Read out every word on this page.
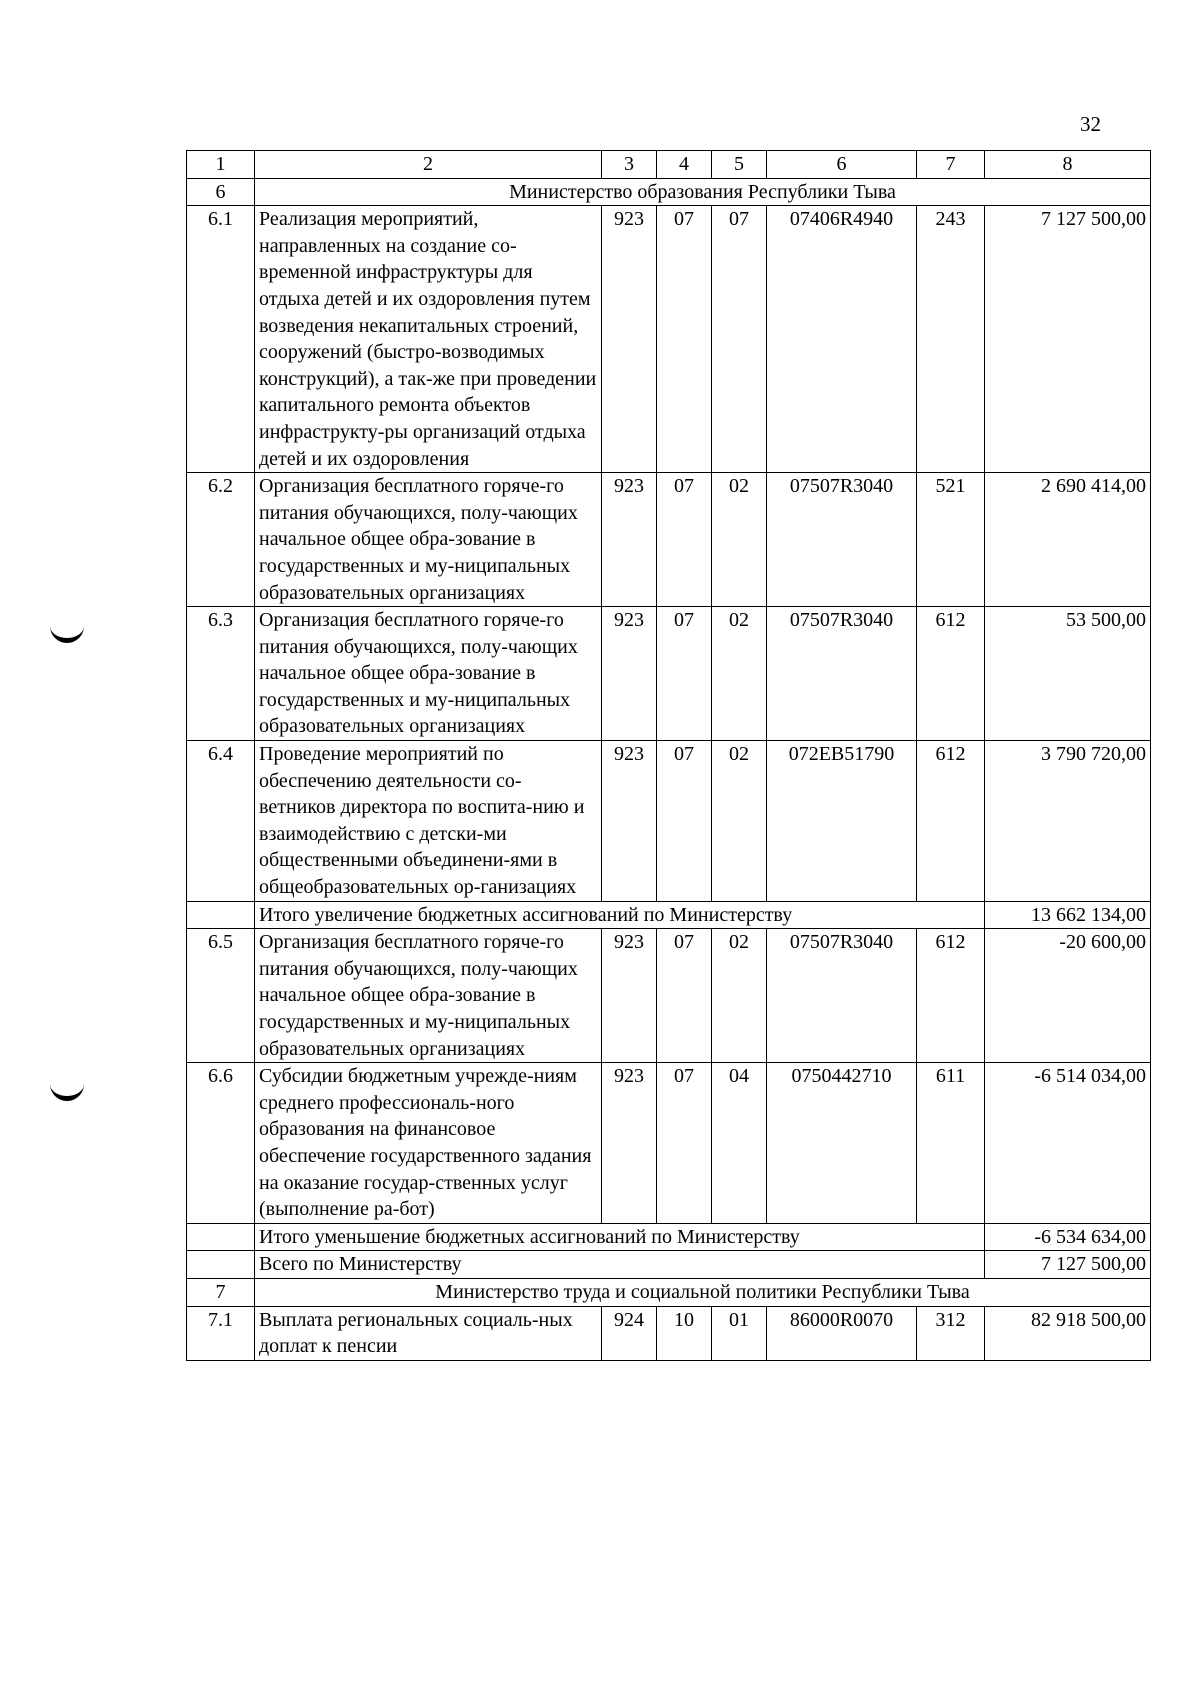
32
1	2	3	4	5	6	7	8
6	Министерство образования Республики Тыва						
6.1	Реализация мероприятий, направленных на создание со-временной инфраструктуры для отдыха детей и их оздоровления путем возведения некапитальных строений, сооружений (быстро-возводимых конструкций), а так-же при проведении капитального ремонта объектов инфраструкту-ры организаций отдыха детей и их оздоровления	923	07	07	07406R4940	243	7 127 500,00
6.2	Организация бесплатного горяче-го питания обучающихся, полу-чающих начальное общее обра-зование в государственных и му-ниципальных образовательных организациях	923	07	02	07507R3040	521	2 690 414,00
6.3	Организация бесплатного горяче-го питания обучающихся, полу-чающих начальное общее обра-зование в государственных и му-ниципальных образовательных организациях	923	07	02	07507R3040	612	53 500,00
6.4	Проведение мероприятий по обеспечению деятельности со-ветников директора по воспита-нию и взаимодействию с детски-ми общественными объединени-ями в общеобразовательных ор-ганизациях	923	07	02	072EB51790	612	3 790 720,00
	Итого увеличение бюджетных ассигнований по Министерству						13 662 134,00
6.5	Организация бесплатного горяче-го питания обучающихся, полу-чающих начальное общее обра-зование в государственных и му-ниципальных образовательных организациях	923	07	02	07507R3040	612	-20 600,00
6.6	Субсидии бюджетным учрежде-ниям среднего профессиональ-ного образования на финансовое обеспечение государственного задания на оказание государ-ственных услуг (выполнение ра-бот)	923	07	04	0750442710	611	-6 514 034,00
	Итого уменьшение бюджетных ассигнований по Министерству						-6 534 634,00
	Всего по Министерству						7 127 500,00
7	Министерство труда и социальной политики Республики Тыва						
7.1	Выплата региональных социаль-ных доплат к пенсии	924	10	01	86000R0070	312	82 918 500,00
